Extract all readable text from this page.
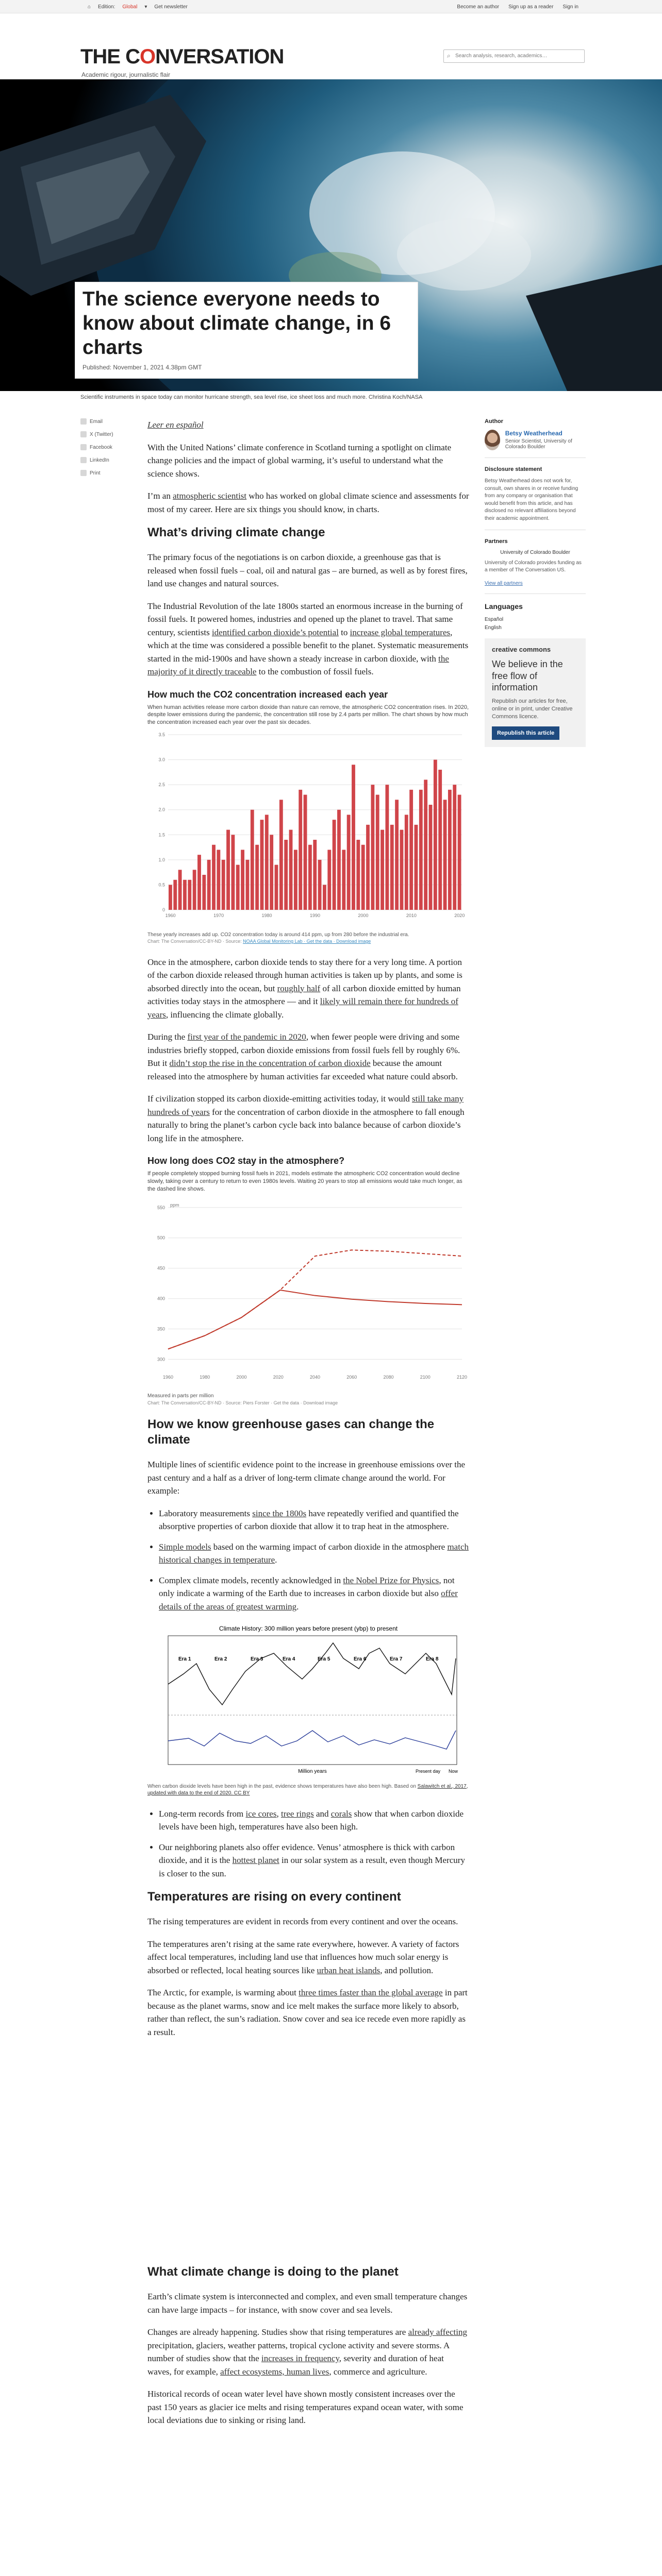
⌂ Edition: Global ▾ Get newsletter	Become an author Sign up as a reader Sign in
THE CONVERSATION
Academic rigour, journalistic flair
⌕ Search analysis, research, academics…
The science everyone needs to know about climate change, in 6 charts
Published: November 1, 2021 4.38pm GMT
Scientific instruments in space today can monitor hurricane strength, sea level rise, ice sheet loss and much more. Christina Koch/NASA
Email
X (Twitter)
Facebook
LinkedIn
Print

Leer en español

With the United Nations’ climate conference in Scotland turning a spotlight on climate change policies and the impact of global warming, it’s useful to understand what the science shows.

I’m an atmospheric scientist who has worked on global climate science and assessments for most of my career. Here are six things you should know, in charts.

What’s driving climate change

The primary focus of the negotiations is on carbon dioxide, a greenhouse gas that is released when fossil fuels – coal, oil and natural gas – are burned, as well as by forest fires, land use changes and natural sources.

The Industrial Revolution of the late 1800s started an enormous increase in the burning of fossil fuels. It powered homes, industries and opened up the planet to travel. That same century, scientists identified carbon dioxide’s potential to increase global temperatures, which at the time was considered a possible benefit to the planet. Systematic measurements started in the mid-1900s and have shown a steady increase in carbon dioxide, with the majority of it directly traceable to the combustion of fossil fuels.

How much the CO2 concentration increased each year
When human activities release more carbon dioxide than nature can remove, the atmospheric CO2 concentration rises. In 2020, despite lower emissions during the pandemic, the concentration still rose by 2.4 parts per million. The chart shows by how much the concentration increased each year over the past six decades.
0
0.5
1.0
1.5
2.0
2.5
3.0
3.5
1960	1970	1980	1990	2000	2010	2020
These yearly increases add up. CO2 concentration today is around 414 ppm, up from 280 before the industrial era.
Chart: The Conversation/CC-BY-ND · Source: NOAA Global Monitoring Lab · Get the data · Download image

Once in the atmosphere, carbon dioxide tends to stay there for a very long time. A portion of the carbon dioxide released through human activities is taken up by plants, and some is absorbed directly into the ocean, but roughly half of all carbon dioxide emitted by human activities today stays in the atmosphere — and it likely will remain there for hundreds of years, influencing the climate globally.

During the first year of the pandemic in 2020, when fewer people were driving and some industries briefly stopped, carbon dioxide emissions from fossil fuels fell by roughly 6%. But it didn’t stop the rise in the concentration of carbon dioxide because the amount released into the atmosphere by human activities far exceeded what nature could absorb.

If civilization stopped its carbon dioxide-emitting activities today, it would still take many hundreds of years for the concentration of carbon dioxide in the atmosphere to fall enough naturally to bring the planet’s carbon cycle back into balance because of carbon dioxide’s long life in the atmosphere.

How long does CO2 stay in the atmosphere?
If people completely stopped burning fossil fuels in 2021, models estimate the atmospheric CO2 concentration would decline slowly, taking over a century to return to even 1980s levels. Waiting 20 years to stop all emissions would take much longer, as the dashed line shows.
300
350
400
450
500
550 ppm
1960	1980	2000	2020	2040	2060	2080	2100	2120
Measured in parts per million
Chart: The Conversation/CC-BY-ND · Source: Piers Forster · Get the data · Download image
How we know greenhouse gases can change the climate

Multiple lines of scientific evidence point to the increase in greenhouse emissions over the past century and a half as a driver of long-term climate change around the world. For example:

• Laboratory measurements since the 1800s have repeatedly verified and quantified the absorptive properties of carbon dioxide that allow it to trap heat in the atmosphere.
• Simple models based on the warming impact of carbon dioxide in the atmosphere match historical changes in temperature.
• Complex climate models, recently acknowledged in the Nobel Prize for Physics, not only indicate a warming of the Earth due to increases in carbon dioxide but also offer details of the areas of greatest warming.
Climate History: 300 million years before present (ybp) to present
Era 1	Era 2	Era 3	Era 4	Era 5	Era 6	Era 7	Era 8
Million years	Present day Now
When carbon dioxide levels have been high in the past, evidence shows temperatures have also been high. Based on Salawitch et al., 2017, updated with data to the end of 2020. CC BY
• Long-term records from ice cores, tree rings and corals show that when carbon dioxide levels have been high, temperatures have also been high.
• Our neighboring planets also offer evidence. Venus’ atmosphere is thick with carbon dioxide, and it is the hottest planet in our solar system as a result, even though Mercury is closer to the sun.
Temperatures are rising on every continent

The rising temperatures are evident in records from every continent and over the oceans.

The temperatures aren’t rising at the same rate everywhere, however. A variety of factors affect local temperatures, including land use that influences how much solar energy is absorbed or reflected, local heating sources like urban heat islands, and pollution.

The Arctic, for example, is warming about three times faster than the global average in part because as the planet warms, snow and ice melt makes the surface more likely to absorb, rather than reflect, the sun’s radiation. Snow cover and sea ice recede even more rapidly as a result.

What climate change is doing to the planet

Earth’s climate system is interconnected and complex, and even small temperature changes can have large impacts – for instance, with snow cover and sea levels.

Changes are already happening. Studies show that rising temperatures are already affecting precipitation, glaciers, weather patterns, tropical cyclone activity and severe storms. A number of studies show that the increases in frequency, severity and duration of heat waves, for example, affect ecosystems, human lives, commerce and agriculture.

Historical records of ocean water level have shown mostly consistent increases over the past 150 years as glacier ice melts and rising temperatures expand ocean water, with some local deviations due to sinking or rising land.

Author
Betsy Weatherhead
Senior Scientist, University of Colorado Boulder
Disclosure statement
Betsy Weatherhead does not work for, consult, own shares in or receive funding from any company or organisation that would benefit from this article, and has disclosed no relevant affiliations beyond their academic appointment.
Partners
University of Colorado Boulder
University of Colorado provides funding as a member of The Conversation US.
View all partners
Languages
Español
English
creative commons
We believe in the free flow of information

Republish our articles for free, online or in print, under Creative Commons licence.

Republish this article
